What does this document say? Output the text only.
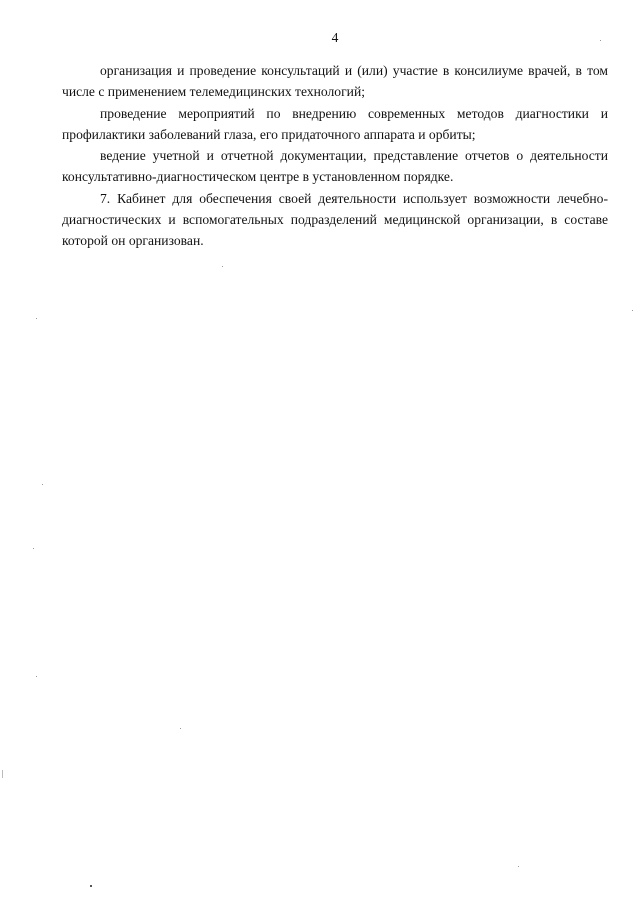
4

организация и проведение консультаций и (или) участие в консилиуме врачей, в том числе с применением телемедицинских технологий;

проведение мероприятий по внедрению современных методов диагностики и профилактики заболеваний глаза, его придаточного аппарата и орбиты;

ведение учетной и отчетной документации, представление отчетов о деятельности консультативно-диагностическом центре в установленном порядке.

7. Кабинет для обеспечения своей деятельности использует возможности лечебно-диагностических и вспомогательных подразделений медицинской организации, в составе которой он организован.
